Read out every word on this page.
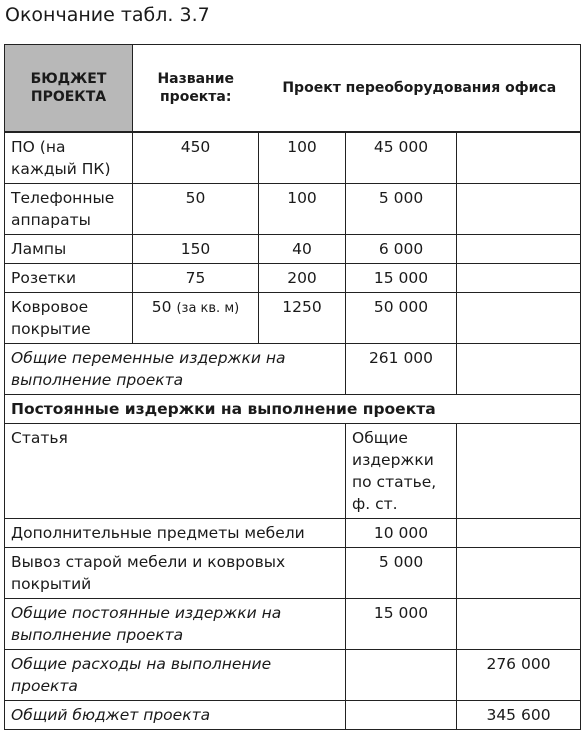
Окончание табл. 3.7
БЮДЖЕТ ПРОЕКТА	Название проекта:	Проект переоборудования офиса		
ПО (на каждый ПК)	450	100	45 000	
Телефонные аппараты	50	100	5 000	
Лампы	150	40	6 000	
Розетки	75	200	15 000	
Ковровое покрытие	50 (за кв. м)	1250	50 000	
Общие переменные издержки на выполнение проекта			261 000	
Постоянные издержки на выполнение проекта				
Статья			Общие издержки по статье, ф. ст.	
Дополнительные предметы мебели			10 000	
Вывоз старой мебели и ковровых покрытий			5 000	
Общие постоянные издержки на выполнение проекта			15 000	
Общие расходы на выполнение проекта				276 000
Общий бюджет проекта				345 600
